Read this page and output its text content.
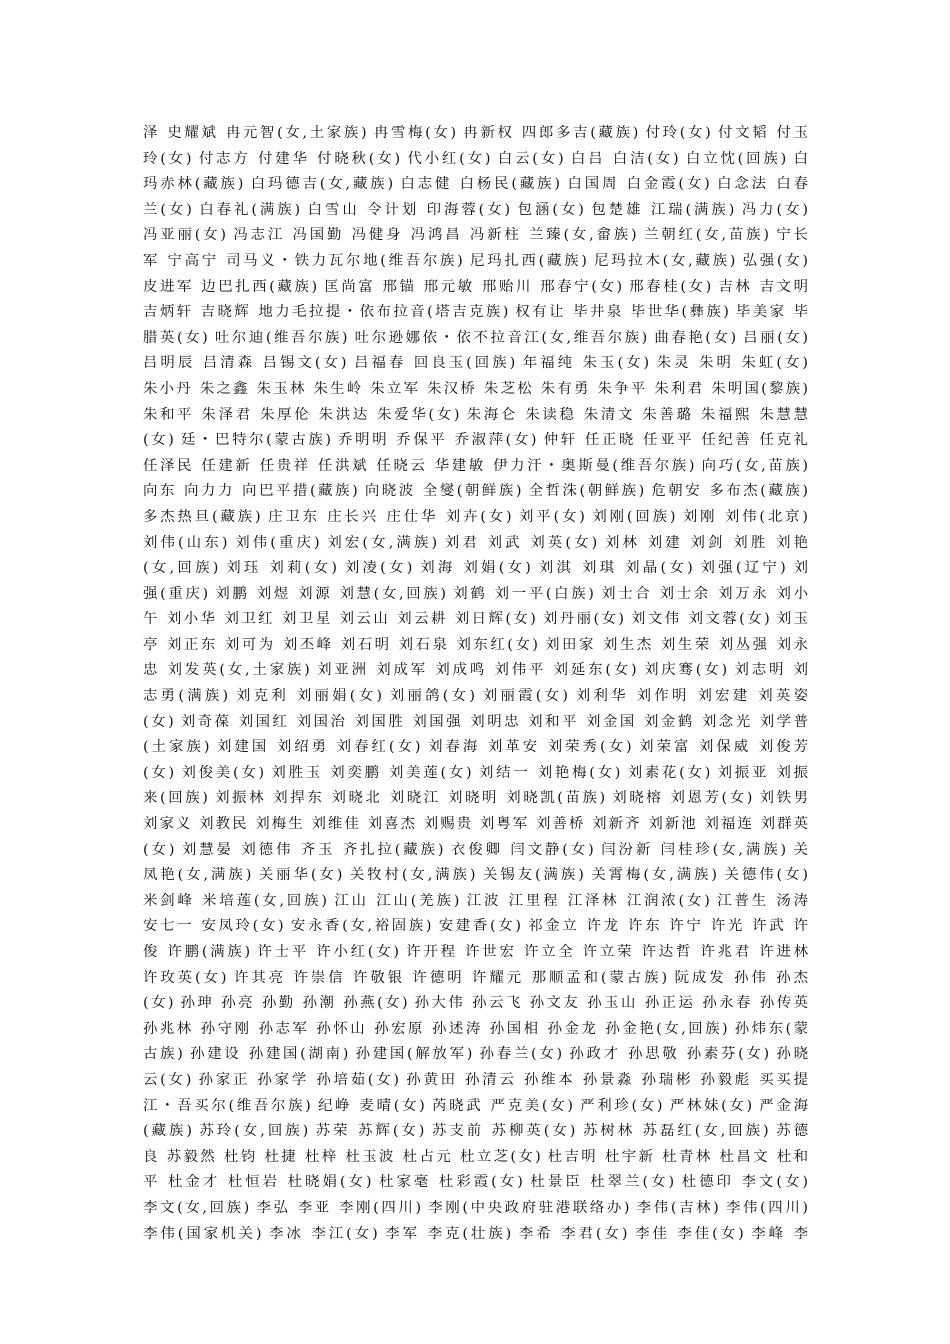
泽 史耀斌 冉元智(女,土家族) 冉雪梅(女) 冉新权 四郎多吉(藏族) 付玲(女) 付文韬 付玉
玲(女) 付志方 付建华 付晓秋(女) 代小红(女) 白云(女) 白吕 白洁(女) 白立忱(回族) 白
玛赤林(藏族) 白玛德吉(女,藏族) 白志健 白杨民(藏族) 白国周 白金霞(女) 白念法 白春
兰(女) 白春礼(满族) 白雪山 令计划 印海蓉(女) 包涵(女) 包楚雄 江瑞(满族) 冯力(女)
冯亚丽(女) 冯志江 冯国勤 冯健身 冯鸿昌 冯新柱 兰臻(女,畲族) 兰朝红(女,苗族) 宁长
军 宁高宁 司马义・铁力瓦尔地(维吾尔族) 尼玛扎西(藏族) 尼玛拉木(女,藏族) 弘强(女)
皮进军 边巴扎西(藏族) 匡尚富 邢锚 邢元敏 邢贻川 邢春宁(女) 邢春桂(女) 吉林 吉文明
吉炳轩 吉晓辉 地力毛拉提・依布拉音(塔吉克族) 权有让 毕井泉 毕世华(彝族) 毕美家 毕
腊英(女) 吐尔迪(维吾尔族) 吐尔逊娜依・依不拉音江(女,维吾尔族) 曲春艳(女) 吕丽(女)
吕明辰 吕清森 吕锡文(女) 吕福春 回良玉(回族) 年福纯 朱玉(女) 朱灵 朱明 朱虹(女)
朱小丹 朱之鑫 朱玉林 朱生岭 朱立军 朱汉桥 朱芝松 朱有勇 朱争平 朱利君 朱明国(黎族)
朱和平 朱泽君 朱厚伦 朱洪达 朱爱华(女) 朱海仑 朱读稳 朱清文 朱善璐 朱福熙 朱慧慧
(女) 廷・巴特尔(蒙古族) 乔明明 乔保平 乔淑萍(女) 仲轩 任正晓 任亚平 任纪善 任克礼
任泽民 任建新 任贵祥 任洪斌 任晓云 华建敏 伊力汗・奥斯曼(维吾尔族) 向巧(女,苗族)
向东 向力力 向巴平措(藏族) 向晓波 全燮(朝鲜族) 全哲洙(朝鲜族) 危朝安 多布杰(藏族)
多杰热旦(藏族) 庄卫东 庄长兴 庄仕华 刘卉(女) 刘平(女) 刘刚(回族) 刘刚 刘伟(北京)
刘伟(山东) 刘伟(重庆) 刘宏(女,满族) 刘君 刘武 刘英(女) 刘林 刘建 刘剑 刘胜 刘艳
(女,回族) 刘珏 刘莉(女) 刘凌(女) 刘海 刘娟(女) 刘淇 刘琪 刘晶(女) 刘强(辽宁) 刘
强(重庆) 刘鹏 刘煜 刘源 刘慧(女,回族) 刘鹤 刘一平(白族) 刘士合 刘士余 刘万永 刘小
午 刘小华 刘卫红 刘卫星 刘云山 刘云耕 刘日辉(女) 刘丹丽(女) 刘文伟 刘文蓉(女) 刘玉
亭 刘正东 刘可为 刘丕峰 刘石明 刘石泉 刘东红(女) 刘田家 刘生杰 刘生荣 刘丛强 刘永
忠 刘发英(女,土家族) 刘亚洲 刘成军 刘成鸣 刘伟平 刘延东(女) 刘庆骞(女) 刘志明 刘
志勇(满族) 刘克利 刘丽娟(女) 刘丽鸽(女) 刘丽霞(女) 刘利华 刘作明 刘宏建 刘英姿
(女) 刘奇葆 刘国红 刘国治 刘国胜 刘国强 刘明忠 刘和平 刘金国 刘金鹤 刘念光 刘学普
(土家族) 刘建国 刘绍勇 刘春红(女) 刘春海 刘革安 刘荣秀(女) 刘荣富 刘保威 刘俊芳
(女) 刘俊美(女) 刘胜玉 刘奕鹏 刘美莲(女) 刘结一 刘艳梅(女) 刘素花(女) 刘振亚 刘振
来(回族) 刘振林 刘捍东 刘晓北 刘晓江 刘晓明 刘晓凯(苗族) 刘晓榕 刘恩芳(女) 刘铁男
刘家义 刘教民 刘梅生 刘维佳 刘喜杰 刘赐贵 刘粤军 刘善桥 刘新齐 刘新池 刘福连 刘群英
(女) 刘慧晏 刘德伟 齐玉 齐扎拉(藏族) 衣俊卿 闫文静(女) 闫汾新 闫桂珍(女,满族) 关
凤艳(女,满族) 关丽华(女) 关牧村(女,满族) 关锡友(满族) 关霄梅(女,满族) 关德伟(女)
米剑峰 米培莲(女,回族) 江山 江山(羌族) 江波 江里程 江泽林 江润浓(女) 江普生 汤涛
安七一 安凤玲(女) 安永香(女,裕固族) 安建香(女) 祁金立 许龙 许东 许宁 许光 许武 许
俊 许鹏(满族) 许士平 许小红(女) 许开程 许世宏 许立全 许立荣 许达哲 许兆君 许进林
许玫英(女) 许其亮 许崇信 许敬银 许德明 许耀元 那顺孟和(蒙古族) 阮成发 孙伟 孙杰
(女) 孙珅 孙亮 孙勤 孙潮 孙燕(女) 孙大伟 孙云飞 孙文友 孙玉山 孙正运 孙永春 孙传英
孙兆林 孙守刚 孙志军 孙怀山 孙宏原 孙述涛 孙国相 孙金龙 孙金艳(女,回族) 孙炜东(蒙
古族) 孙建设 孙建国(湖南) 孙建国(解放军) 孙春兰(女) 孙政才 孙思敬 孙素芬(女) 孙晓
云(女) 孙家正 孙家学 孙培茹(女) 孙黄田 孙清云 孙维本 孙景淼 孙瑞彬 孙毅彪 买买提
江・吾买尔(维吾尔族) 纪峥 麦晴(女) 芮晓武 严克美(女) 严利珍(女) 严林妹(女) 严金海
(藏族) 苏玲(女,回族) 苏荣 苏辉(女) 苏支前 苏柳英(女) 苏树林 苏磊红(女,回族) 苏德
良 苏毅然 杜钧 杜捷 杜梓 杜玉波 杜占元 杜立芝(女) 杜吉明 杜宇新 杜青林 杜昌文 杜和
平 杜金才 杜恒岩 杜晓娟(女) 杜家毫 杜彩霞(女) 杜景臣 杜翠兰(女) 杜德印 李文(女)
李文(女,回族) 李弘 李亚 李刚(四川) 李刚(中央政府驻港联络办) 李伟(吉林) 李伟(四川)
李伟(国家机关) 李冰 李江(女) 李军 李克(壮族) 李希 李君(女) 李佳 李佳(女) 李峰 李
